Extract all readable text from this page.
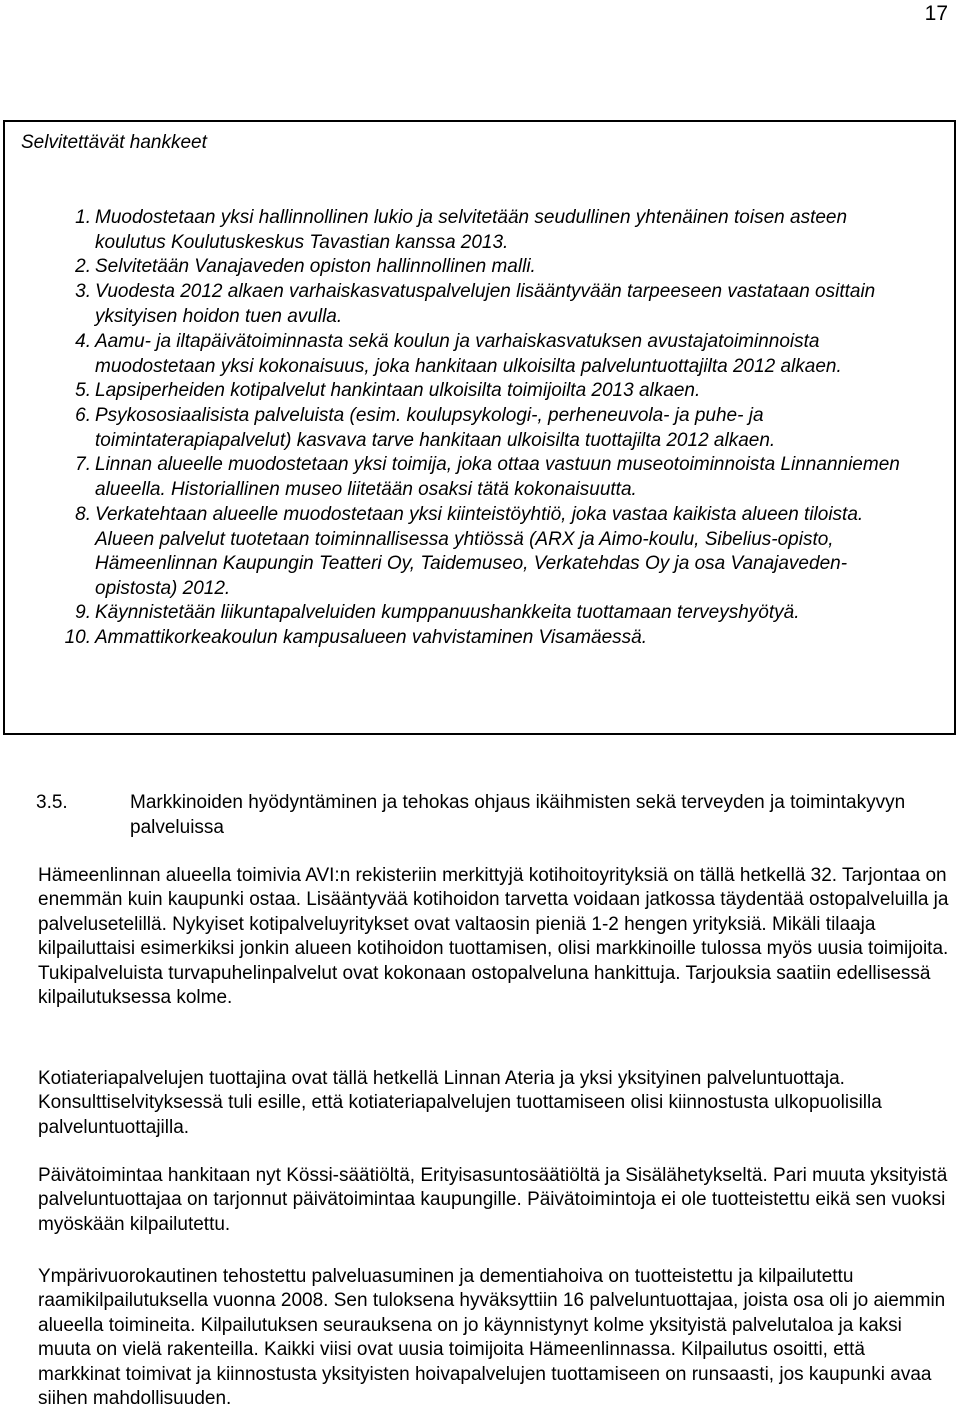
17
Selvitettävät hankkeet
1. Muodostetaan yksi hallinnollinen lukio ja selvitetään seudullinen yhtenäinen toisen asteen koulutus Koulutuskeskus Tavastian kanssa 2013.
2. Selvitetään Vanajaveden opiston hallinnollinen malli.
3. Vuodesta 2012 alkaen varhaiskasvatuspalvelujen lisääntyvään tarpeeseen vastataan osittain yksityisen hoidon tuen avulla.
4. Aamu- ja iltapäivätoiminnasta sekä koulun ja varhaiskasvatuksen avustajatoiminnoista muodostetaan yksi kokonaisuus, joka hankitaan ulkoisilta palveluntuottajilta 2012 alkaen.
5. Lapsiperheiden kotipalvelut hankintaan ulkoisilta toimijoilta 2013 alkaen.
6. Psykososiaalisista palveluista (esim. koulupsykologi-, perheneuvola- ja puhe- ja toimintaterapiapalvelut) kasvava tarve hankitaan ulkoisilta tuottajilta 2012 alkaen.
7. Linnan alueelle muodostetaan yksi toimija, joka ottaa vastuun museotoiminnoista Linnanniemen alueella. Historiallinen museo liitetään osaksi tätä kokonaisuutta.
8. Verkatehtaan alueelle muodostetaan yksi kiinteistöyhtiö, joka vastaa kaikista alueen tiloista. Alueen palvelut tuotetaan toiminnallisessa yhtiössä (ARX ja Aimo-koulu, Sibelius-opisto, Hämeenlinnan Kaupungin Teatteri Oy, Taidemuseo, Verkatehdas Oy ja osa Vanajaveden-opistosta) 2012.
9. Käynnistetään liikuntapalveluiden kumppanuushankkeita tuottamaan terveyshyötyä.
10. Ammattikorkeakoulun kampusalueen vahvistaminen Visamäessä.
3.5.	Markkinoiden hyödyntäminen ja tehokas ohjaus ikäihmisten sekä terveyden ja toimintakyvyn palveluissa
Hämeenlinnan alueella toimivia AVI:n rekisteriin merkittyjä kotihoitoyrityksiä on tällä hetkellä 32. Tarjontaa on enemmän kuin kaupunki ostaa. Lisääntyvää kotihoidon tarvetta voidaan jatkossa täydentää ostopalveluilla ja palvelusetelillä. Nykyiset kotipalveluyritykset ovat valtaosin pieniä 1-2 hengen yrityksiä. Mikäli tilaaja kilpailuttaisi esimerkiksi jonkin alueen kotihoidon tuottamisen, olisi markkinoille tulossa myös uusia toimijoita. Tukipalveluista turvapuhelinpalvelut ovat kokonaan ostopalveluna hankittuja. Tarjouksia saatiin edellisessä kilpailutuksessa kolme.
Kotiateriapalvelujen tuottajina ovat tällä hetkellä Linnan Ateria ja yksi yksityinen palveluntuottaja. Konsulttiselvityksessä tuli esille, että kotiateriapalvelujen tuottamiseen olisi kiinnostusta ulkopuolisilla palveluntuottajilla.
Päivätoimintaa hankitaan nyt Kössi-säätiöltä, Erityisasuntosäätiöltä ja Sisälähetykseltä. Pari muuta yksityistä palveluntuottajaa on tarjonnut päivätoimintaa kaupungille. Päivätoimintoja ei ole tuotteistettu eikä sen vuoksi myöskään kilpailutettu.
Ympärivuorokautinen tehostettu palveluasuminen ja dementiahoiva on tuotteistettu ja kilpailutettu raamikilpailutuksella vuonna 2008. Sen tuloksena hyväksyttiin 16 palveluntuottajaa, joista osa oli jo aiemmin alueella toimineita. Kilpailutuksen seurauksena on jo käynnistynyt kolme yksityistä palvelutaloa ja kaksi muuta on vielä rakenteilla. Kaikki viisi ovat uusia toimijoita Hämeenlinnassa. Kilpailutus osoitti, että markkinat toimivat ja kiinnostusta yksityisten hoivapalvelujen tuottamiseen on runsaasti, jos kaupunki avaa siihen mahdollisuuden.
